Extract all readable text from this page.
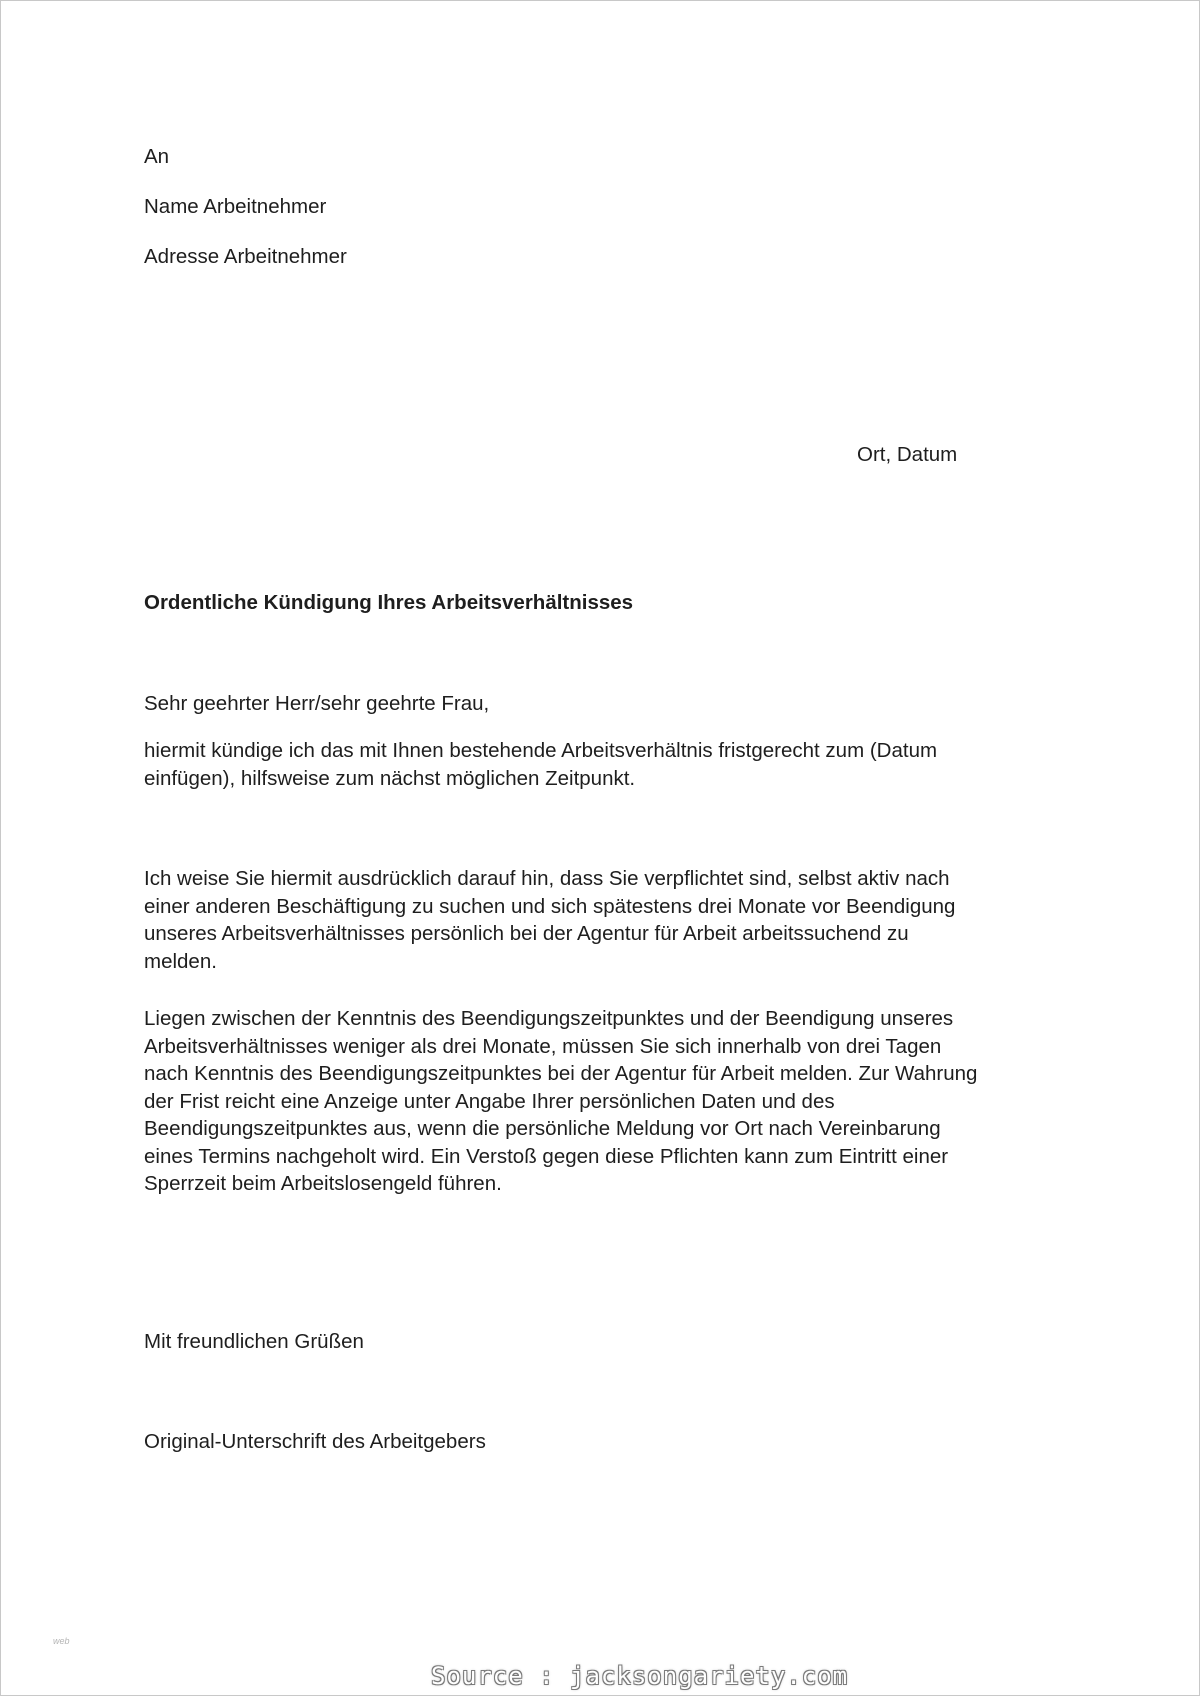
An
Name Arbeitnehmer
Adresse Arbeitnehmer
Ort, Datum
Ordentliche Kündigung Ihres Arbeitsverhältnisses
Sehr geehrter Herr/sehr geehrte Frau,
hiermit kündige ich das mit Ihnen bestehende Arbeitsverhältnis fristgerecht zum (Datum
einfügen), hilfsweise zum nächst möglichen Zeitpunkt.
Ich weise Sie hiermit ausdrücklich darauf hin, dass Sie verpflichtet sind, selbst aktiv nach
einer anderen Beschäftigung zu suchen und sich spätestens drei Monate vor Beendigung
unseres Arbeitsverhältnisses persönlich bei der Agentur für Arbeit arbeitssuchend zu
melden.
Liegen zwischen der Kenntnis des Beendigungszeitpunktes und der Beendigung unseres
Arbeitsverhältnisses weniger als drei Monate, müssen Sie sich innerhalb von drei Tagen
nach Kenntnis des Beendigungszeitpunktes bei der Agentur für Arbeit melden. Zur Wahrung
der Frist reicht eine Anzeige unter Angabe Ihrer persönlichen Daten und des
Beendigungszeitpunktes aus, wenn die persönliche Meldung vor Ort nach Vereinbarung
eines Termins nachgeholt wird. Ein Verstoß gegen diese Pflichten kann zum Eintritt einer
Sperrzeit beim Arbeitslosengeld führen.
Mit freundlichen Grüßen
Original-Unterschrift des Arbeitgebers
web
Source : jacksongariety.com
